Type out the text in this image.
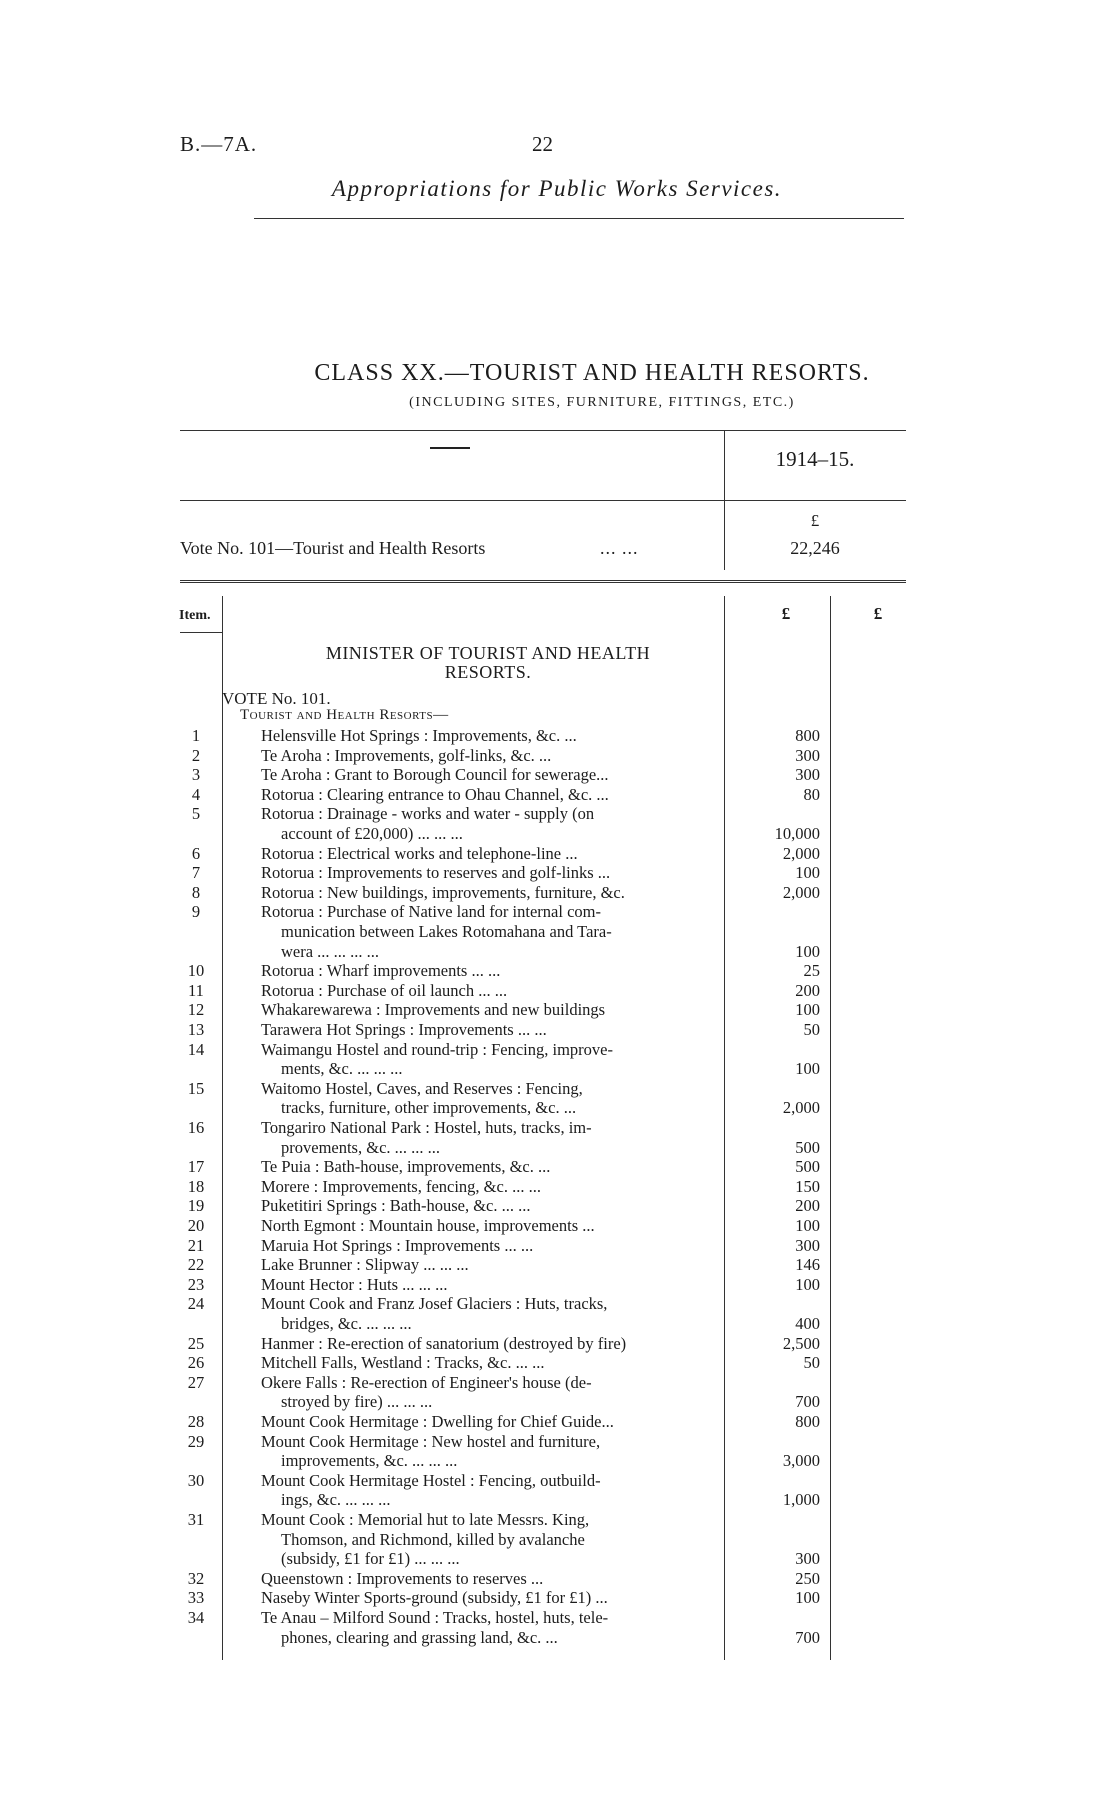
B.—7A.	22
Appropriations for Public Works Services.
CLASS XX.—TOURIST AND HEALTH RESORTS.
(INCLUDING SITES, FURNITURE, FITTINGS, ETC.)
1914–15.
£
Vote No. 101—Tourist and Health Resorts	... ...	22,246
Item.	£	£
MINISTER OF TOURIST AND HEALTH
RESORTS.
VOTE No. 101.
Tourist and Health Resorts—
1	Helensville Hot Springs : Improvements, &c. ...	800
2	Te Aroha : Improvements, golf-links, &c. ...	300
3	Te Aroha : Grant to Borough Council for sewerage...	300
4	Rotorua : Clearing entrance to Ohau Channel, &c. ...	80
5	Rotorua : Drainage - works and water - supply (on
account of £20,000) ... ... ...	10,000
6	Rotorua : Electrical works and telephone-line ...	2,000
7	Rotorua : Improvements to reserves and golf-links ...	100
8	Rotorua : New buildings, improvements, furniture, &c.	2,000
9	Rotorua : Purchase of Native land for internal com-
munication between Lakes Rotomahana and Tara-
wera ... ... ... ...	100
10	Rotorua : Wharf improvements ... ...	25
11	Rotorua : Purchase of oil launch ... ...	200
12	Whakarewarewa : Improvements and new buildings	100
13	Tarawera Hot Springs : Improvements ... ...	50
14	Waimangu Hostel and round-trip : Fencing, improve-
ments, &c. ... ... ...	100
15	Waitomo Hostel, Caves, and Reserves : Fencing,
tracks, furniture, other improvements, &c. ...	2,000
16	Tongariro National Park : Hostel, huts, tracks, im-
provements, &c. ... ... ...	500
17	Te Puia : Bath-house, improvements, &c. ...	500
18	Morere : Improvements, fencing, &c. ... ...	150
19	Puketitiri Springs : Bath-house, &c. ... ...	200
20	North Egmont : Mountain house, improvements ...	100
21	Maruia Hot Springs : Improvements ... ...	300
22	Lake Brunner : Slipway ... ... ...	146
23	Mount Hector : Huts ... ... ...	100
24	Mount Cook and Franz Josef Glaciers : Huts, tracks,
bridges, &c. ... ... ...	400
25	Hanmer : Re-erection of sanatorium (destroyed by fire)	2,500
26	Mitchell Falls, Westland : Tracks, &c. ... ...	50
27	Okere Falls : Re-erection of Engineer's house (de-
stroyed by fire) ... ... ...	700
28	Mount Cook Hermitage : Dwelling for Chief Guide...	800
29	Mount Cook Hermitage : New hostel and furniture,
improvements, &c. ... ... ...	3,000
30	Mount Cook Hermitage Hostel : Fencing, outbuild-
ings, &c. ... ... ...	1,000
31	Mount Cook : Memorial hut to late Messrs. King,
Thomson, and Richmond, killed by avalanche
(subsidy, £1 for £1) ... ... ...	300
32	Queenstown : Improvements to reserves ...	250
33	Naseby Winter Sports-ground (subsidy, £1 for £1) ...	100
34	Te Anau – Milford Sound : Tracks, hostel, huts, tele-
phones, clearing and grassing land, &c. ...	700
